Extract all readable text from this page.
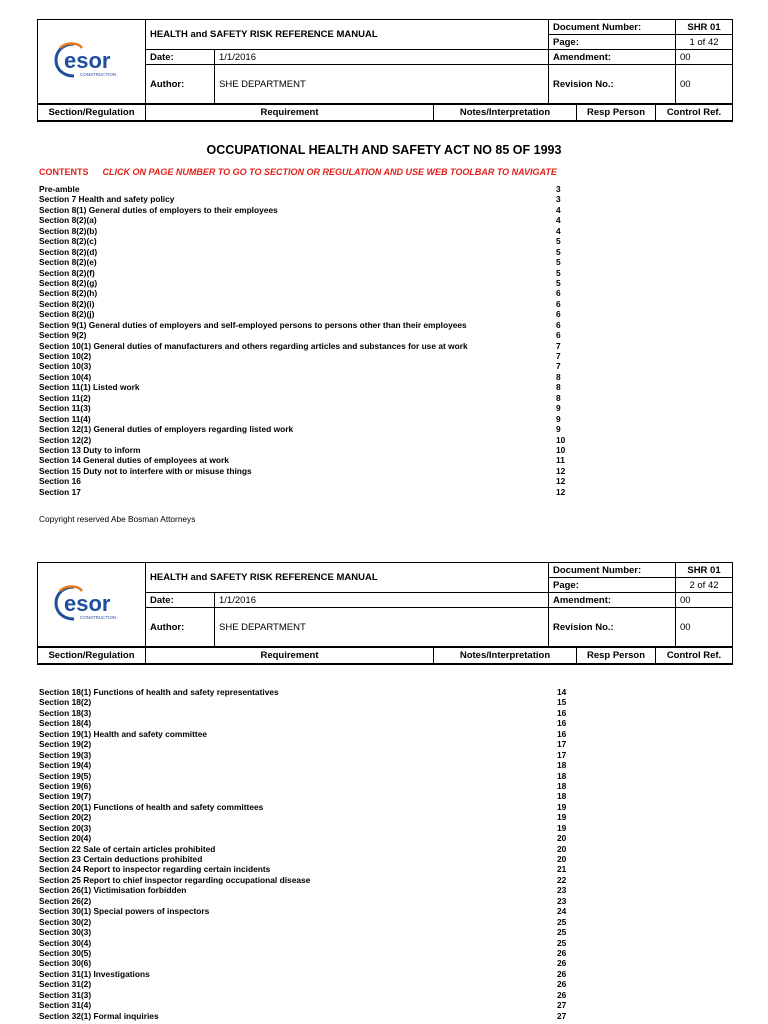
esor
CONSTRUCTION	HEALTH and SAFETY RISK REFERENCE MANUAL		Document Number:	SHR 01
			Page:	1 of 42
	Date:	1/1/2016	Amendment:	00
	Author:	SHE DEPARTMENT	Revision No.:	00
Section/Regulation	Requirement	Notes/Interpretation	Resp Person	Control Ref.
OCCUPATIONAL HEALTH AND SAFETY ACT NO 85 OF 1993
CONTENTS CLICK ON PAGE NUMBER TO GO TO SECTION OR REGULATION AND USE WEB TOOLBAR TO NAVIGATE
Pre-amble	3
Section 7 Health and safety policy	3
Section 8(1) General duties of employers to their employees	4
Section 8(2)(a)	4
Section 8(2)(b)	4
Section 8(2)(c)	5
Section 8(2)(d)	5
Section 8(2)(e)	5
Section 8(2)(f)	5
Section 8(2)(g)	5
Section 8(2)(h)	6
Section 8(2)(i)	6
Section 8(2)(j)	6
Section 9(1) General duties of employers and self-employed persons to persons other than their employees	6
Section 9(2)	6
Section 10(1) General duties of manufacturers and others regarding articles and substances for use at work	7
Section 10(2)	7
Section 10(3)	7
Section 10(4)	8
Section 11(1) Listed work	8
Section 11(2)	8
Section 11(3)	9
Section 11(4)	9
Section 12(1) General duties of employers regarding listed work	9
Section 12(2)	10
Section 13 Duty to inform	10
Section 14 General duties of employees at work	11
Section 15 Duty not to interfere with or misuse things	12
Section 16	12
Section 17	12
Copyright reserved Abe Bosman Attorneys
esor
CONSTRUCTION	HEALTH and SAFETY RISK REFERENCE MANUAL		Document Number:	SHR 01
			Page:	2 of 42
	Date:	1/1/2016	Amendment:	00
	Author:	SHE DEPARTMENT	Revision No.:	00
Section/Regulation	Requirement	Notes/Interpretation	Resp Person	Control Ref.
Section 18(1) Functions of health and safety representatives	14
Section 18(2)	15
Section 18(3)	16
Section 18(4)	16
Section 19(1) Health and safety committee	16
Section 19(2)	17
Section 19(3)	17
Section 19(4)	18
Section 19(5)	18
Section 19(6)	18
Section 19(7)	18
Section 20(1) Functions of health and safety committees	19
Section 20(2)	19
Section 20(3)	19
Section 20(4)	20
Section 22 Sale of certain articles prohibited	20
Section 23 Certain deductions prohibited	20
Section 24 Report to inspector regarding certain incidents	21
Section 25 Report to chief inspector regarding occupational disease	22
Section 26(1) Victimisation forbidden	23
Section 26(2)	23
Section 30(1) Special powers of inspectors	24
Section 30(2)	25
Section 30(3)	25
Section 30(4)	25
Section 30(5)	26
Section 30(6)	26
Section 31(1) Investigations	26
Section 31(2)	26
Section 31(3)	26
Section 31(4)	27
Section 32(1) Formal inquiries	27
